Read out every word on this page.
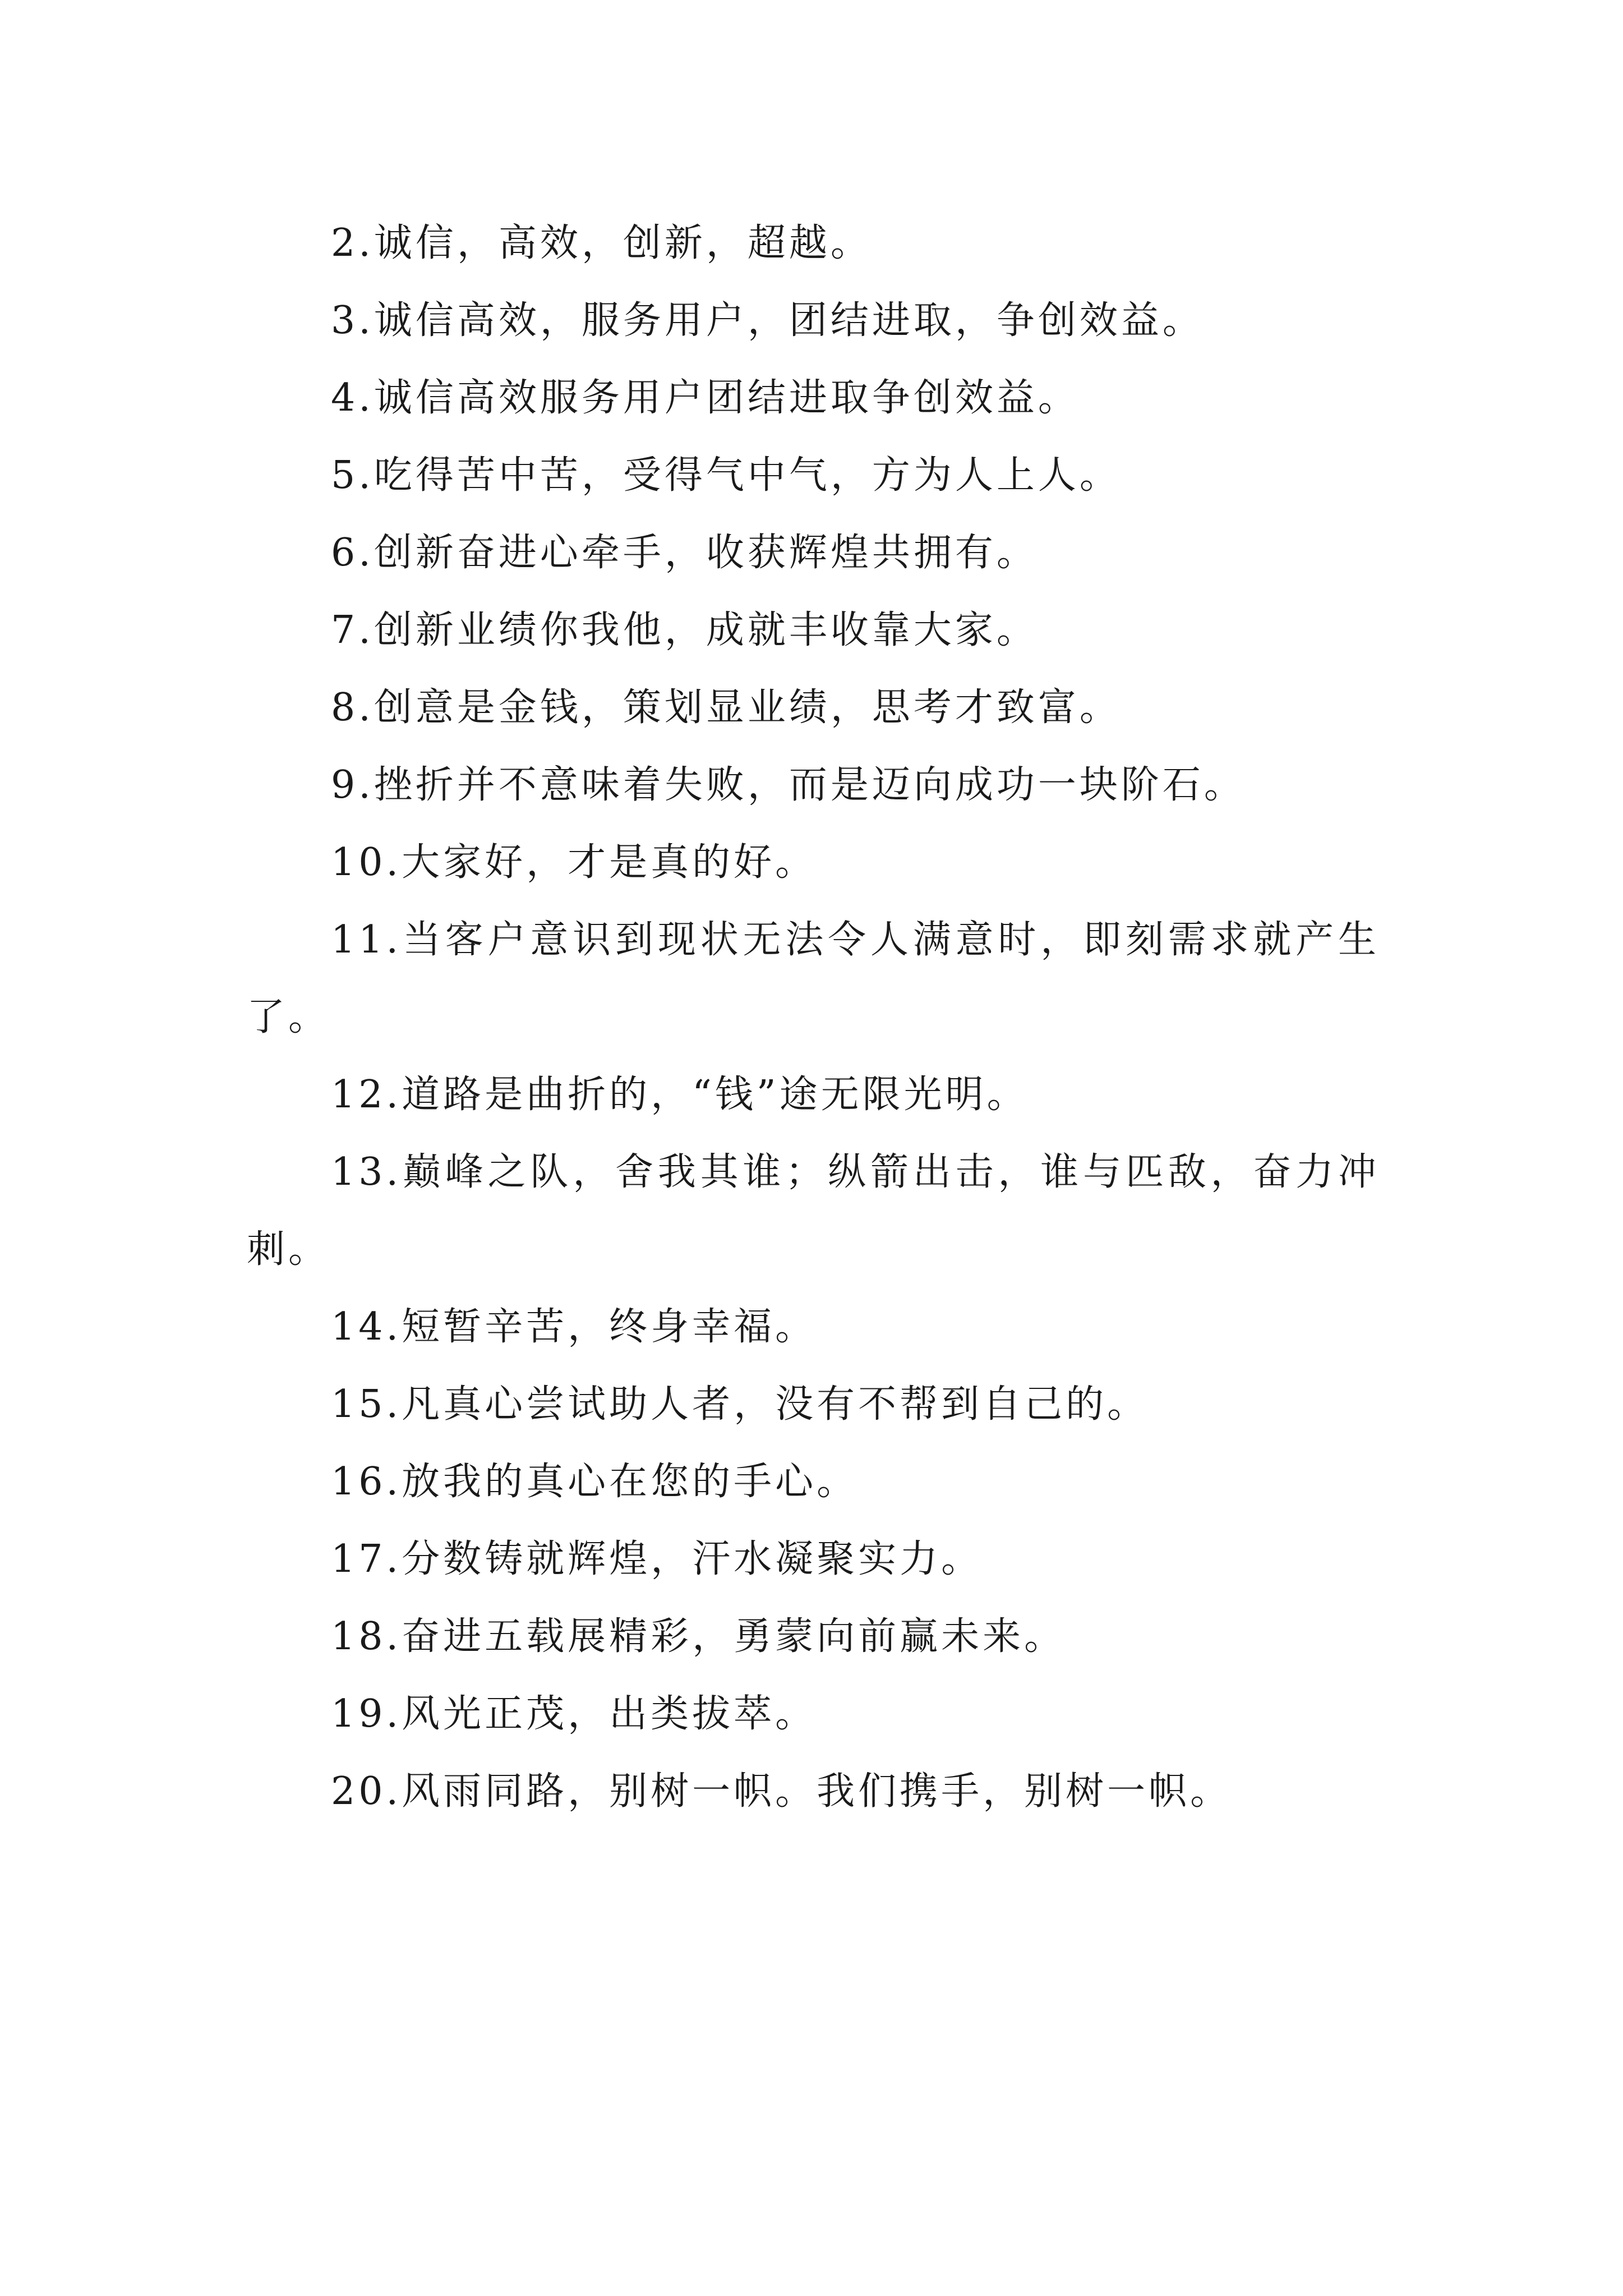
2.诚信，高效，创新，超越。

3.诚信高效，服务用户，团结进取，争创效益。

4.诚信高效服务用户团结进取争创效益。

5.吃得苦中苦，受得气中气，方为人上人。

6.创新奋进心牵手，收获辉煌共拥有。

7.创新业绩你我他，成就丰收靠大家。

8.创意是金钱，策划显业绩，思考才致富。

9.挫折并不意味着失败，而是迈向成功一块阶石。

10.大家好，才是真的好。

11.当客户意识到现状无法令人满意时，即刻需求就产生了。

12.道路是曲折的，“钱”途无限光明。

13.巅峰之队，舍我其谁；纵箭出击，谁与匹敌，奋力冲刺。

14.短暂辛苦，终身幸福。

15.凡真心尝试助人者，没有不帮到自己的。

16.放我的真心在您的手心。

17.分数铸就辉煌，汗水凝聚实力。

18.奋进五载展精彩，勇蒙向前赢未来。

19.风光正茂，出类拔萃。

20.风雨同路，别树一帜。我们携手，别树一帜。
